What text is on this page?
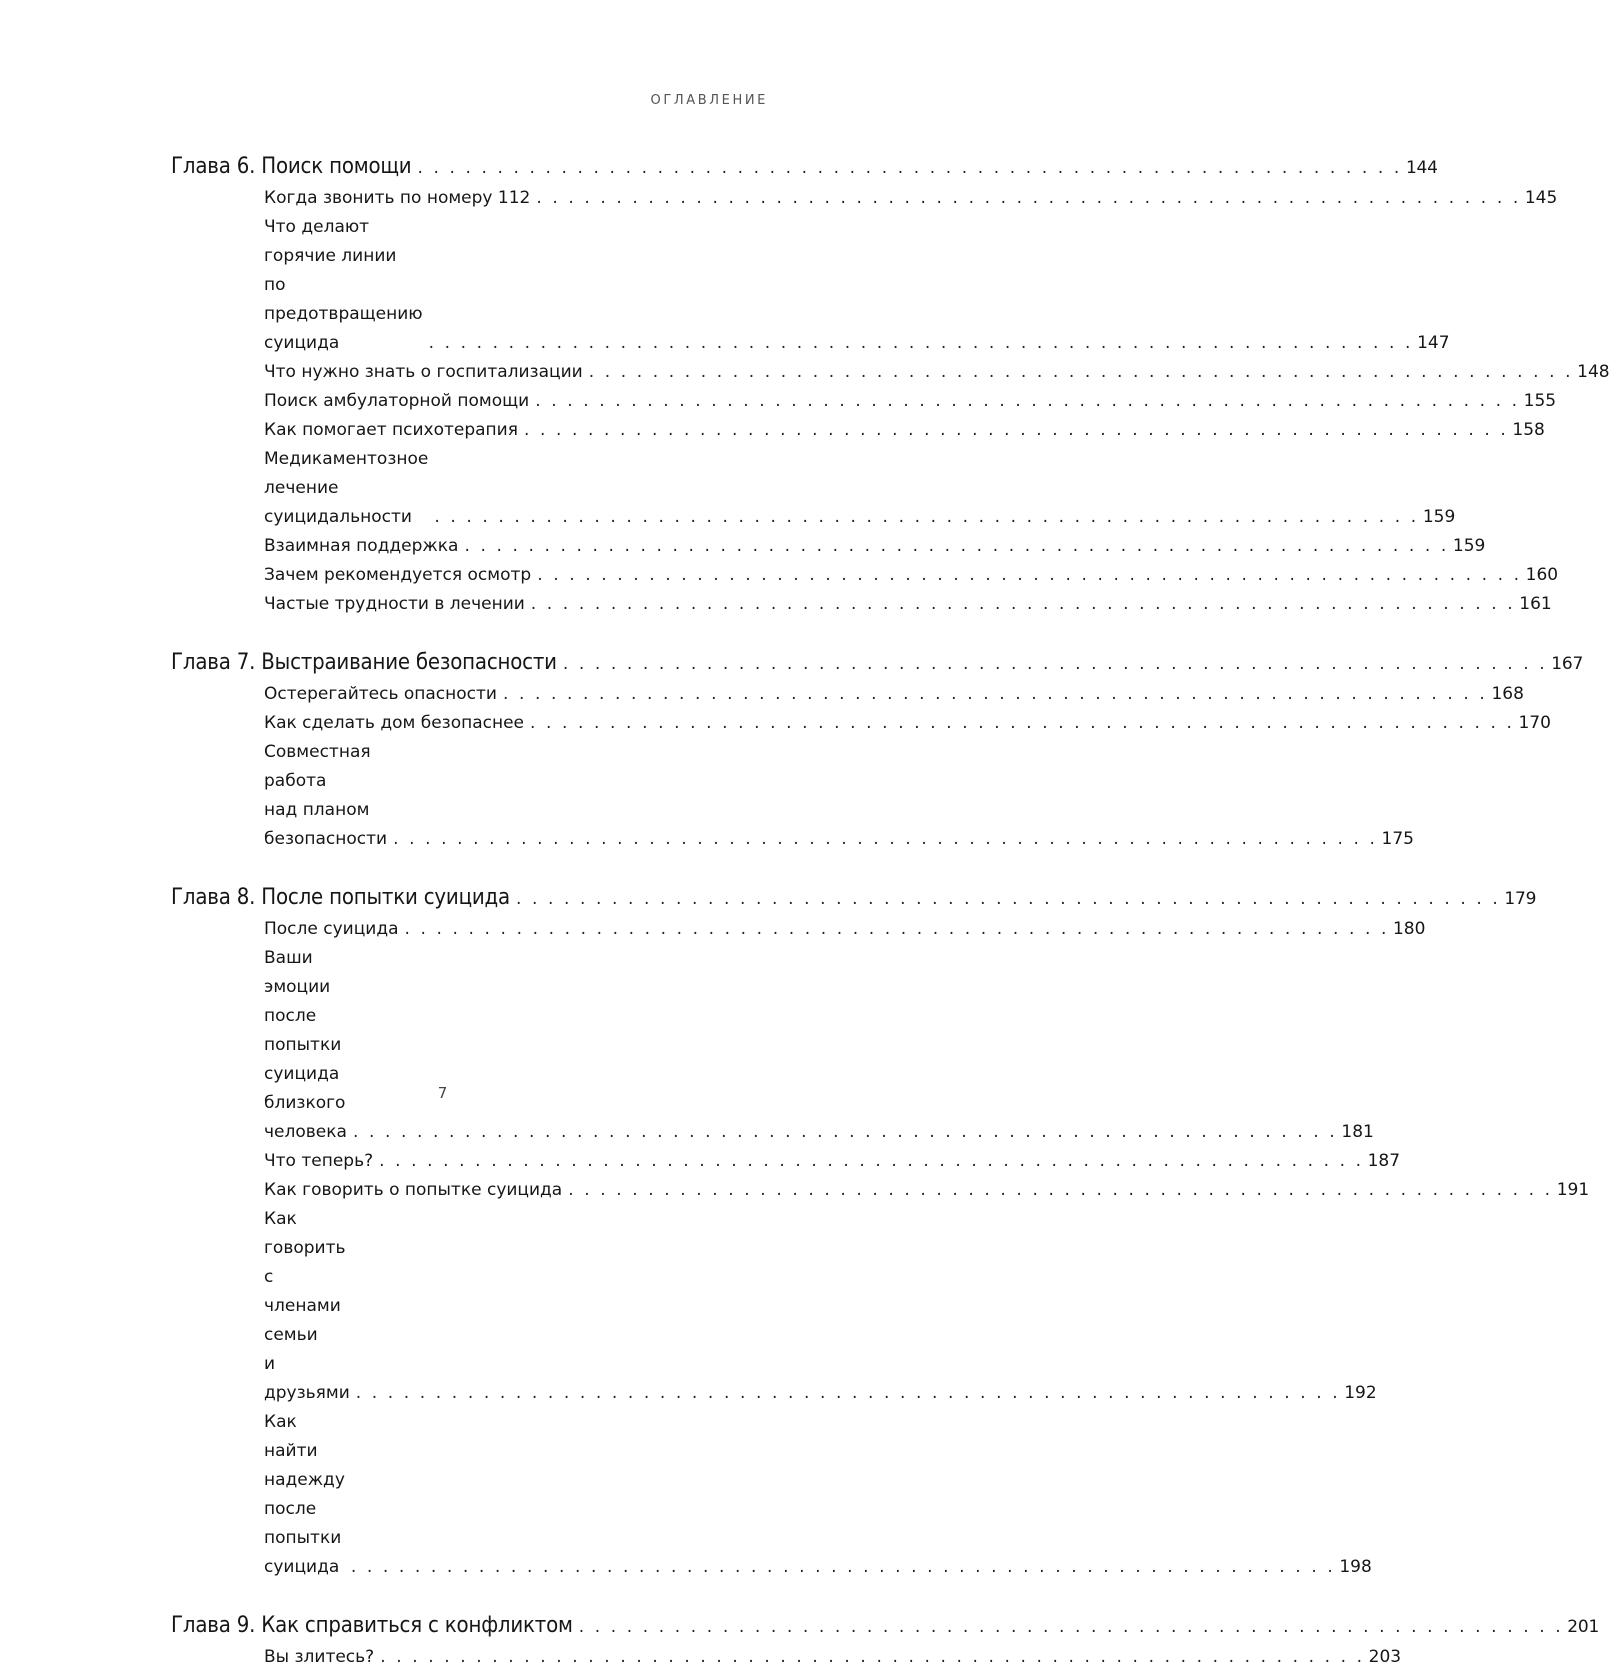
ОГЛАВЛЕНИЕ
Глава 6. Поиск помощи . . . . . . . . . . . . . . . . . . . . . . . . . . . . . . . . . . . . . . . . . . . . . . . . . . . . . . . . . . . . . . 144
Когда звонить по номеру 112 . . . . . . . . . . . . . . . . . . . . . . . . . . . . . . . . . . . . . . . . . . . . . . . . . . . . . . . . . . . . . . 145
Что делают горячие линии
по предотвращению суицида	. . . . . . . . . . . . . . . . . . . . . . . . . . . . . . . . . . . . . . . . . . . . . . . . . . . . . . . . . . . . . . 147
Что нужно знать о госпитализации . . . . . . . . . . . . . . . . . . . . . . . . . . . . . . . . . . . . . . . . . . . . . . . . . . . . . . . . . . . . . . 148
Поиск амбулаторной помощи . . . . . . . . . . . . . . . . . . . . . . . . . . . . . . . . . . . . . . . . . . . . . . . . . . . . . . . . . . . . . . 155
Как помогает психотерапия . . . . . . . . . . . . . . . . . . . . . . . . . . . . . . . . . . . . . . . . . . . . . . . . . . . . . . . . . . . . . . 158
Медикаментозное лечение
суицидальности	. . . . . . . . . . . . . . . . . . . . . . . . . . . . . . . . . . . . . . . . . . . . . . . . . . . . . . . . . . . . . . 159
Взаимная поддержка . . . . . . . . . . . . . . . . . . . . . . . . . . . . . . . . . . . . . . . . . . . . . . . . . . . . . . . . . . . . . . 159
Зачем рекомендуется осмотр . . . . . . . . . . . . . . . . . . . . . . . . . . . . . . . . . . . . . . . . . . . . . . . . . . . . . . . . . . . . . . 160
Частые трудности в лечении . . . . . . . . . . . . . . . . . . . . . . . . . . . . . . . . . . . . . . . . . . . . . . . . . . . . . . . . . . . . . . 161
Глава 7. Выстраивание безопасности . . . . . . . . . . . . . . . . . . . . . . . . . . . . . . . . . . . . . . . . . . . . . . . . . . . . . . . . . . . . . . 167
Остерегайтесь опасности . . . . . . . . . . . . . . . . . . . . . . . . . . . . . . . . . . . . . . . . . . . . . . . . . . . . . . . . . . . . . . 168
Как сделать дом безопаснее . . . . . . . . . . . . . . . . . . . . . . . . . . . . . . . . . . . . . . . . . . . . . . . . . . . . . . . . . . . . . . 170
Совместная работа
над планом безопасности . . . . . . . . . . . . . . . . . . . . . . . . . . . . . . . . . . . . . . . . . . . . . . . . . . . . . . . . . . . . . . 175
Глава 8. После попытки суицида . . . . . . . . . . . . . . . . . . . . . . . . . . . . . . . . . . . . . . . . . . . . . . . . . . . . . . . . . . . . . . 179
После суицида . . . . . . . . . . . . . . . . . . . . . . . . . . . . . . . . . . . . . . . . . . . . . . . . . . . . . . . . . . . . . . 180
Ваши эмоции после попытки суицида
близкого человека . . . . . . . . . . . . . . . . . . . . . . . . . . . . . . . . . . . . . . . . . . . . . . . . . . . . . . . . . . . . . . 181
Что теперь? . . . . . . . . . . . . . . . . . . . . . . . . . . . . . . . . . . . . . . . . . . . . . . . . . . . . . . . . . . . . . . 187
Как говорить о попытке суицида . . . . . . . . . . . . . . . . . . . . . . . . . . . . . . . . . . . . . . . . . . . . . . . . . . . . . . . . . . . . . . 191
Как говорить с членами семьи
и друзьями . . . . . . . . . . . . . . . . . . . . . . . . . . . . . . . . . . . . . . . . . . . . . . . . . . . . . . . . . . . . . . 192
Как найти надежду
после попытки суицида . . . . . . . . . . . . . . . . . . . . . . . . . . . . . . . . . . . . . . . . . . . . . . . . . . . . . . . . . . . . . . 198
Глава 9. Как справиться с конфликтом . . . . . . . . . . . . . . . . . . . . . . . . . . . . . . . . . . . . . . . . . . . . . . . . . . . . . . . . . . . . . . 201
Вы злитесь? . . . . . . . . . . . . . . . . . . . . . . . . . . . . . . . . . . . . . . . . . . . . . . . . . . . . . . . . . . . . . . 203
7
